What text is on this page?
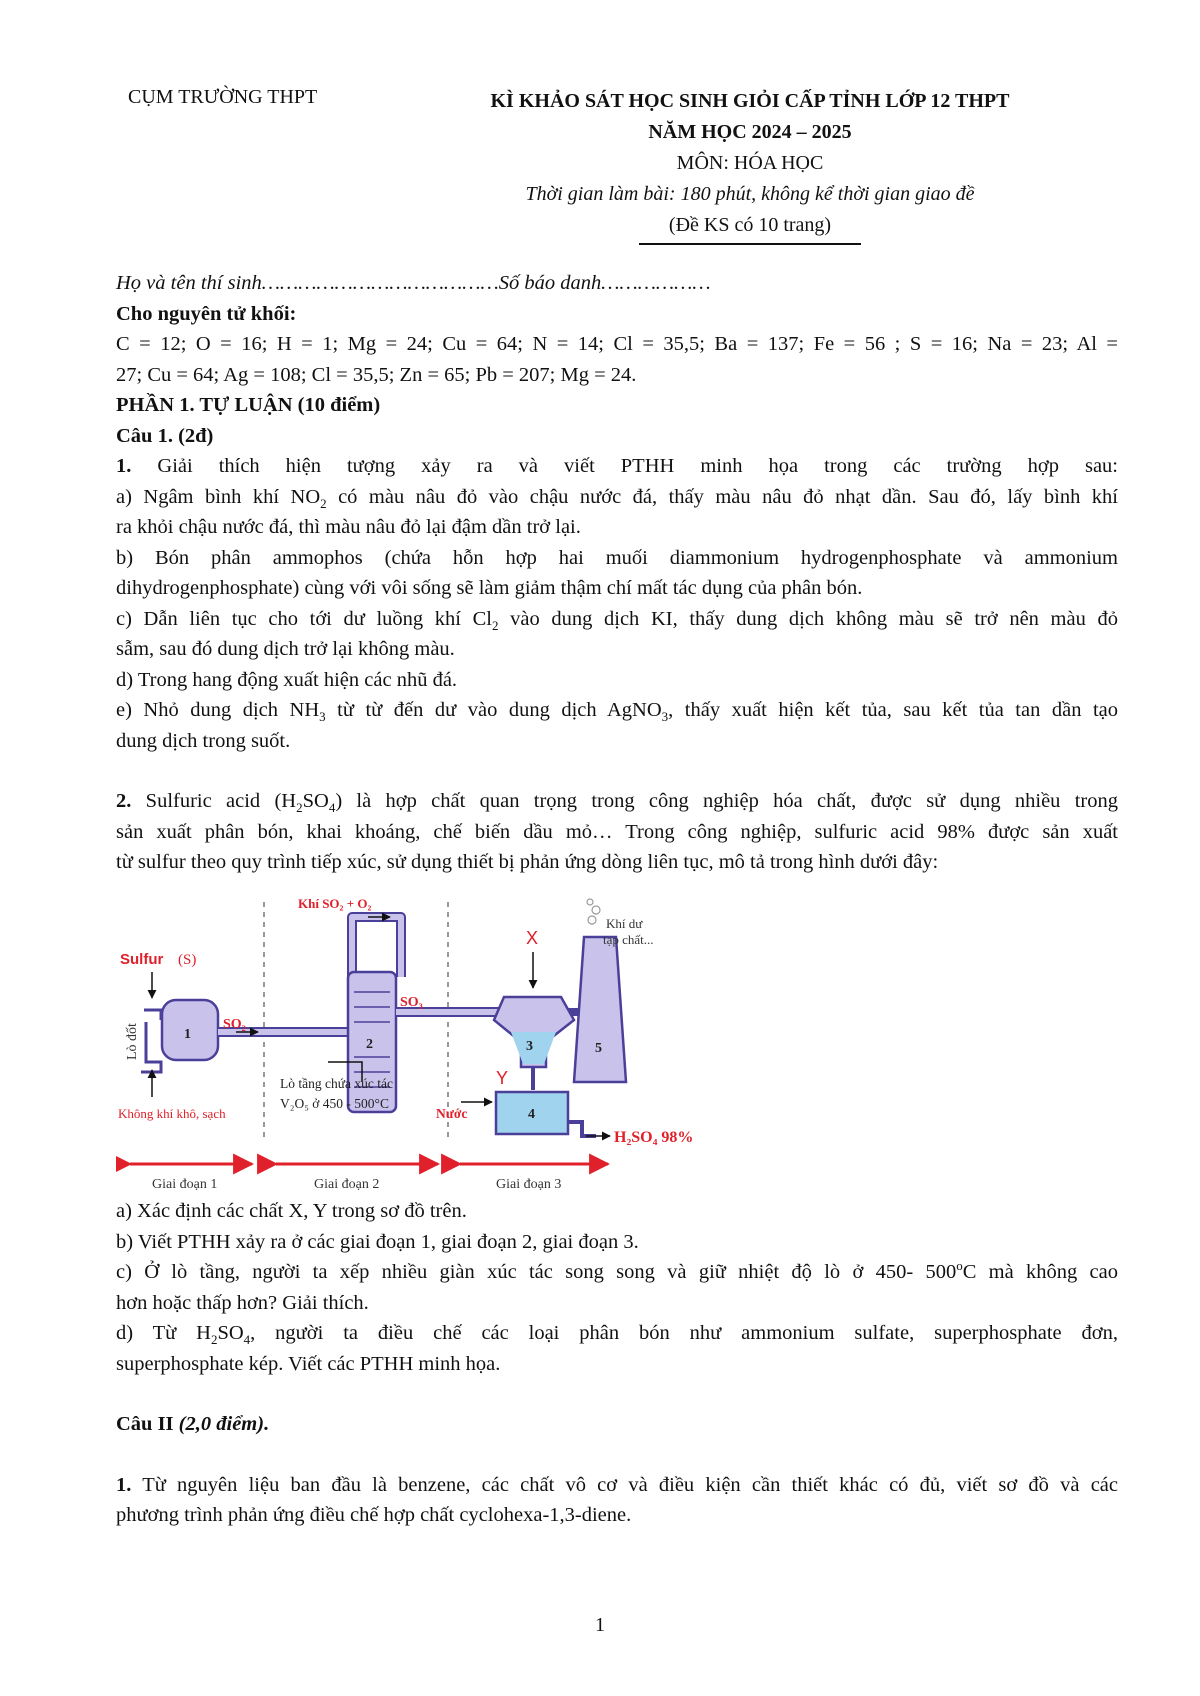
CỤM TRƯỜNG THPT	KÌ KHẢO SÁT HỌC SINH GIỎI CẤP TỈNH LỚP 12 THPT
NĂM HỌC 2024 – 2025
MÔN: HÓA HỌC
Thời gian làm bài: 180 phút, không kể thời gian giao đề
(Đề KS có 10 trang)

Họ và tên thí sinh…………………………………Số báo danh………………

Cho nguyên tử khối:

C = 12; O = 16; H = 1; Mg = 24; Cu = 64; N = 14; Cl = 35,5; Ba = 137; Fe = 56 ; S = 16; Na = 23; Al =

27; Cu = 64; Ag = 108; Cl = 35,5; Zn = 65; Pb = 207; Mg = 24.

PHẦN 1. TỰ LUẬN (10 điểm)

Câu 1. (2đ)

1. Giải thích hiện tượng xảy ra và viết PTHH minh họa trong các trường hợp sau:

a) Ngâm bình khí $NO_2$ có màu nâu đỏ vào chậu nước đá, thấy màu nâu đỏ nhạt dần. Sau đó, lấy bình khí

ra khỏi chậu nước đá, thì màu nâu đỏ lại đậm dần trở lại.

b) Bón phân ammophos (chứa hỗn hợp hai muối diammonium hydrogenphosphate và ammonium

dihydrogenphosphate) cùng với vôi sống sẽ làm giảm thậm chí mất tác dụng của phân bón.

c) Dẫn liên tục cho tới dư luồng khí $Cl_2$ vào dung dịch KI, thấy dung dịch không màu sẽ trở nên màu đỏ

sẫm, sau đó dung dịch trở lại không màu.

d) Trong hang động xuất hiện các nhũ đá.

e) Nhỏ dung dịch $NH_3$ từ từ đến dư vào dung dịch AgNO$_3$, thấy xuất hiện kết tủa, sau kết tủa tan dần tạo

dung dịch trong suốt.

2. Sulfuric acid $(H_2SO_4)$ là hợp chất quan trọng trong công nghiệp hóa chất, được sử dụng nhiều trong

sản xuất phân bón, khai khoáng, chế biến dầu mỏ… Trong công nghiệp, sulfuric acid 98% được sản xuất

từ sulfur theo quy trình tiếp xúc, sử dụng thiết bị phản ứng dòng liên tục, mô tả trong hình dưới đây:

Khí SO₂ + O₂
Sulfur (S)
Lò đốt
Không khí khô, sạch
SO₂
SO₃
Lò tầng chứa xúc tác
V₂O₅ ở 450 - 500°C
X
Y
Nước
Khí dư
tạp chất...
H₂SO₄ 98%
1
2	3
4
5
Giai đoạn 1	Giai đoạn 2	Giai đoạn 3

a) Xác định các chất X, Y trong sơ đồ trên.

b) Viết PTHH xảy ra ở các giai đoạn 1, giai đoạn 2, giai đoạn 3.

c) Ở lò tầng, người ta xếp nhiều giàn xúc tác song song và giữ nhiệt độ lò ở 450- 500$^o$C mà không cao

hơn hoặc thấp hơn? Giải thích.

d) Từ $H_2SO_4$, người ta điều chế các loại phân bón như ammonium sulfate, superphosphate đơn,

superphosphate kép. Viết các PTHH minh họa.

Câu II (2,0 điểm).

1. Từ nguyên liệu ban đầu là benzene, các chất vô cơ và điều kiện cần thiết khác có đủ, viết sơ đồ và các

phương trình phản ứng điều chế hợp chất cyclohexa-1,3-diene.

1
